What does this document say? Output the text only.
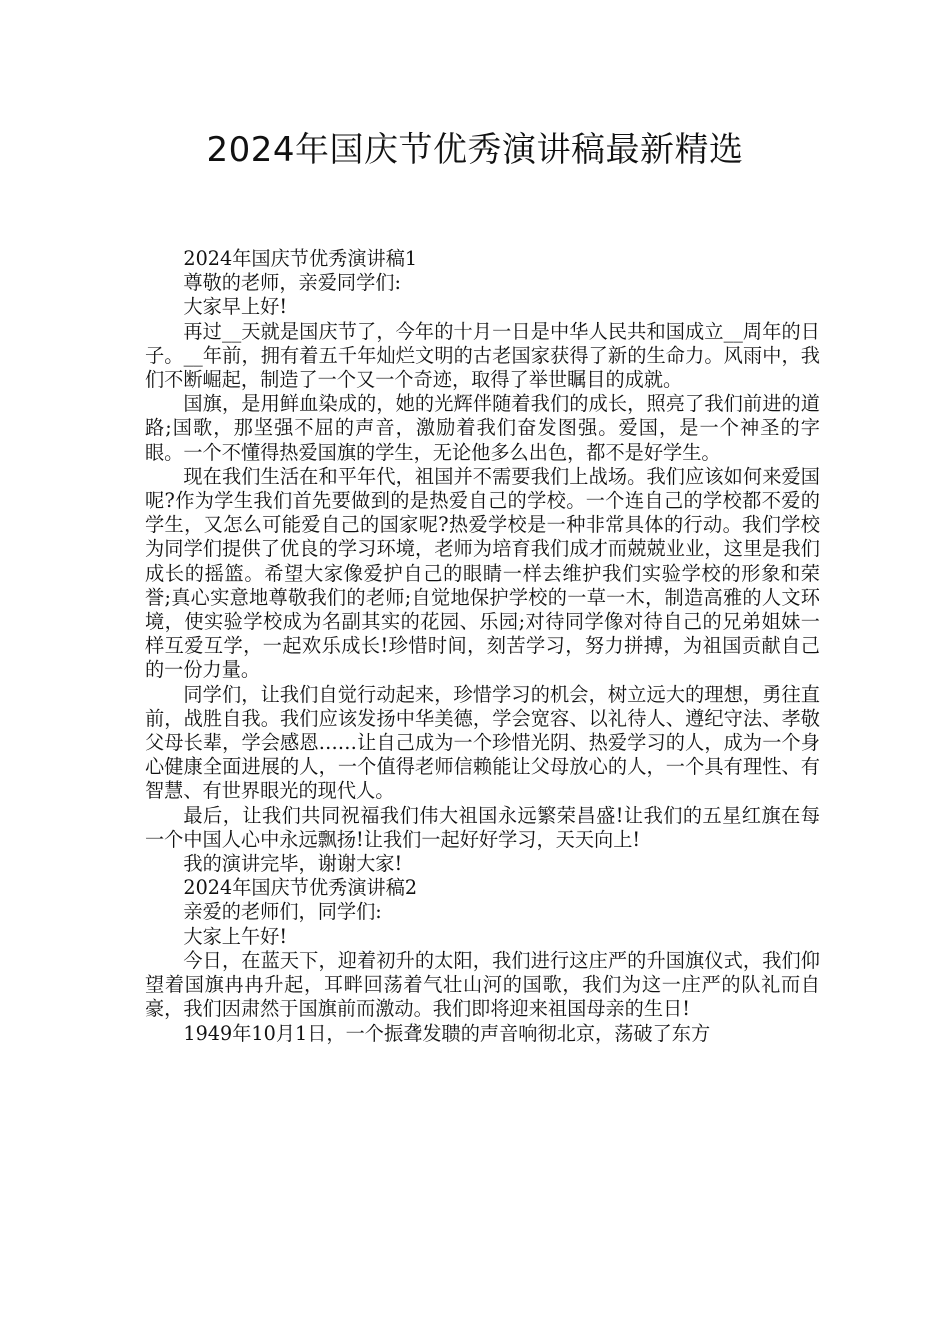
2024年国庆节优秀演讲稿最新精选

2024年国庆节优秀演讲稿1

尊敬的老师，亲爱同学们:

大家早上好!

再过__天就是国庆节了，今年的十月一日是中华人民共和国成立__周年的日子。__年前，拥有着五千年灿烂文明的古老国家获得了新的生命力。风雨中，我们不断崛起，制造了一个又一个奇迹，取得了举世瞩目的成就。

国旗，是用鲜血染成的，她的光辉伴随着我们的成长，照亮了我们前进的道路;国歌，那坚强不屈的声音，激励着我们奋发图强。爱国，是一个神圣的字眼。一个不懂得热爱国旗的学生，无论他多么出色，都不是好学生。

现在我们生活在和平年代，祖国并不需要我们上战场。我们应该如何来爱国呢?作为学生我们首先要做到的是热爱自己的学校。一个连自己的学校都不爱的学生，又怎么可能爱自己的国家呢?热爱学校是一种非常具体的行动。我们学校为同学们提供了优良的学习环境，老师为培育我们成才而兢兢业业，这里是我们成长的摇篮。希望大家像爱护自己的眼睛一样去维护我们实验学校的形象和荣誉;真心实意地尊敬我们的老师;自觉地保护学校的一草一木，制造高雅的人文环境，使实验学校成为名副其实的花园、乐园;对待同学像对待自己的兄弟姐妹一样互爱互学，一起欢乐成长!珍惜时间，刻苦学习，努力拼搏，为祖国贡献自己的一份力量。

同学们，让我们自觉行动起来，珍惜学习的机会，树立远大的理想，勇往直前，战胜自我。我们应该发扬中华美德，学会宽容、以礼待人、遵纪守法、孝敬父母长辈，学会感恩……让自己成为一个珍惜光阴、热爱学习的人，成为一个身心健康全面进展的人，一个值得老师信赖能让父母放心的人，一个具有理性、有智慧、有世界眼光的现代人。

最后，让我们共同祝福我们伟大祖国永远繁荣昌盛!让我们的五星红旗在每一个中国人心中永远飘扬!让我们一起好好学习，天天向上!

我的演讲完毕，谢谢大家!

2024年国庆节优秀演讲稿2

亲爱的老师们，同学们:

大家上午好!

今日，在蓝天下，迎着初升的太阳，我们进行这庄严的升国旗仪式，我们仰望着国旗冉冉升起，耳畔回荡着气壮山河的国歌，我们为这一庄严的队礼而自豪，我们因肃然于国旗前而激动。我们即将迎来祖国母亲的生日!

1949年10月1日，一个振聋发聩的声音响彻北京，荡破了东方
